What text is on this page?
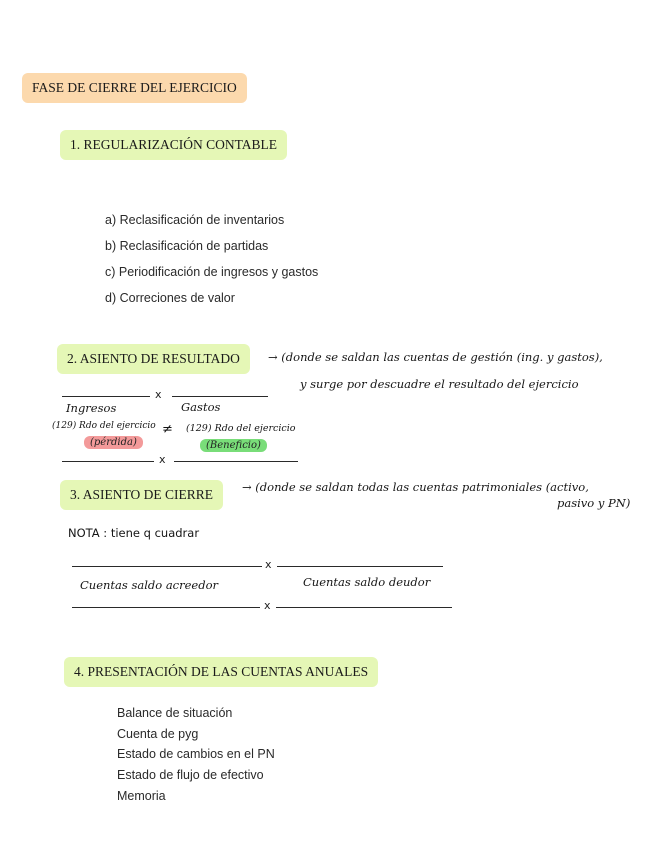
FASE DE CIERRE DEL EJERCICIO
1. REGULARIZACIÓN CONTABLE
a) Reclasificación de inventarios
b) Reclasificación de partidas
c) Periodificación de ingresos y gastos
d) Correciones de valor
2. ASIENTO DE RESULTADO	→ (donde se saldan las cuentas de gestión (ing. y gastos),
y surge por descuadre el resultado del ejercicio
x
Ingresos	Gastos
(129) Rdo del ejercicio
(pérdida)
≠ (129) Rdo del ejercicio
(Beneficio)
x
3. ASIENTO DE CIERRE	→ (donde se saldan todas las cuentas patrimoniales (activo,
pasivo y PN)
NOTA : tiene q cuadrar
x
Cuentas saldo acreedor	Cuentas saldo deudor
x
4. PRESENTACIÓN DE LAS CUENTAS ANUALES
Balance de situación
Cuenta de pyg
Estado de cambios en el PN
Estado de flujo de efectivo
Memoria
